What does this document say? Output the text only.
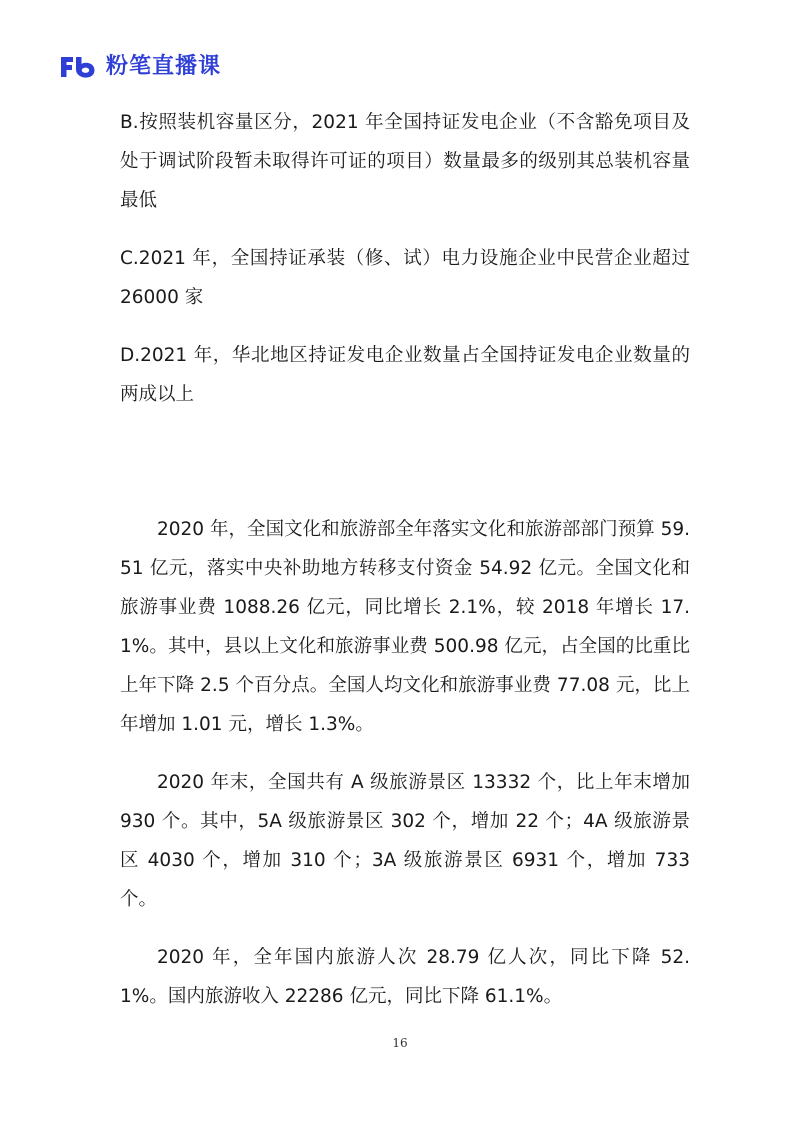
粉笔直播课

B.按照装机容量区分，2021 年全国持证发电企业（不含豁免项目及处于调试阶段暂未取得许可证的项目）数量最多的级别其总装机容量最低

C.2021 年，全国持证承装（修、试）电力设施企业中民营企业超过 26000 家

D.2021 年，华北地区持证发电企业数量占全国持证发电企业数量的两成以上

2020 年，全国文化和旅游部全年落实文化和旅游部部门预算 59.51 亿元，落实中央补助地方转移支付资金 54.92 亿元。全国文化和旅游事业费 1088.26 亿元，同比增长 2.1%，较 2018 年增长 17.1%。其中，县以上文化和旅游事业费 500.98 亿元，占全国的比重比上年下降 2.5 个百分点。全国人均文化和旅游事业费 77.08 元，比上年增加 1.01 元，增长 1.3%。

2020 年末，全国共有 A 级旅游景区 13332 个，比上年末增加 930 个。其中，5A 级旅游景区 302 个，增加 22 个；4A 级旅游景区 4030 个，增加 310 个；3A 级旅游景区 6931 个，增加 733 个。

2020 年，全年国内旅游人次 28.79 亿人次，同比下降 52.1%。国内旅游收入 22286 亿元，同比下降 61.1%。

16
